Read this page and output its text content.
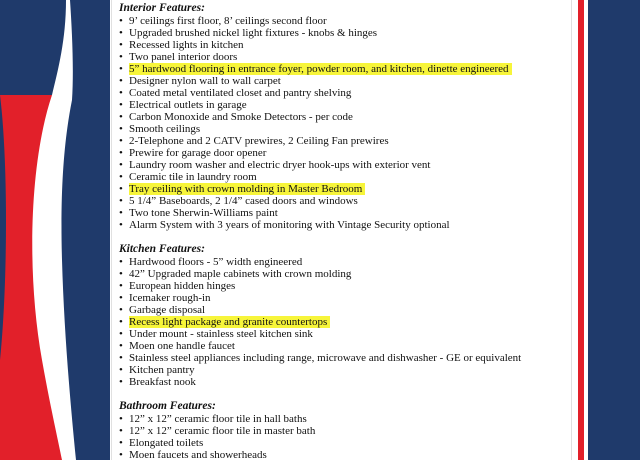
Interior Features:
• 9’ ceilings first floor, 8’ ceilings second floor
• Upgraded brushed nickel light fixtures - knobs & hinges
• Recessed lights in kitchen
• Two panel interior doors
• 5” hardwood flooring in entrance foyer, powder room, and kitchen, dinette engineered
• Designer nylon wall to wall carpet
• Coated metal ventilated closet and pantry shelving
• Electrical outlets in garage
• Carbon Monoxide and Smoke Detectors - per code
• Smooth ceilings
• 2-Telephone and 2 CATV prewires, 2 Ceiling Fan prewires
• Prewire for garage door opener
• Laundry room washer and electric dryer hook-ups with exterior vent
• Ceramic tile in laundry room
• Tray ceiling with crown molding in Master Bedroom
• 5 1/4” Baseboards, 2 1/4” cased doors and windows
• Two tone Sherwin-Williams paint
• Alarm System with 3 years of monitoring with Vintage Security optional
Kitchen Features:
• Hardwood floors - 5” width engineered
• 42” Upgraded maple cabinets with crown molding
• European hidden hinges
• Icemaker rough-in
• Garbage disposal
• Recess light package and granite countertops
• Under mount - stainless steel kitchen sink
• Moen one handle faucet
• Stainless steel appliances including range, microwave and dishwasher - GE or equivalent
• Kitchen pantry
• Breakfast nook
Bathroom Features:
• 12” x 12” ceramic floor tile in hall baths
• 12” x 12” ceramic floor tile in master bath
• Elongated toilets
• Moen faucets and showerheads
